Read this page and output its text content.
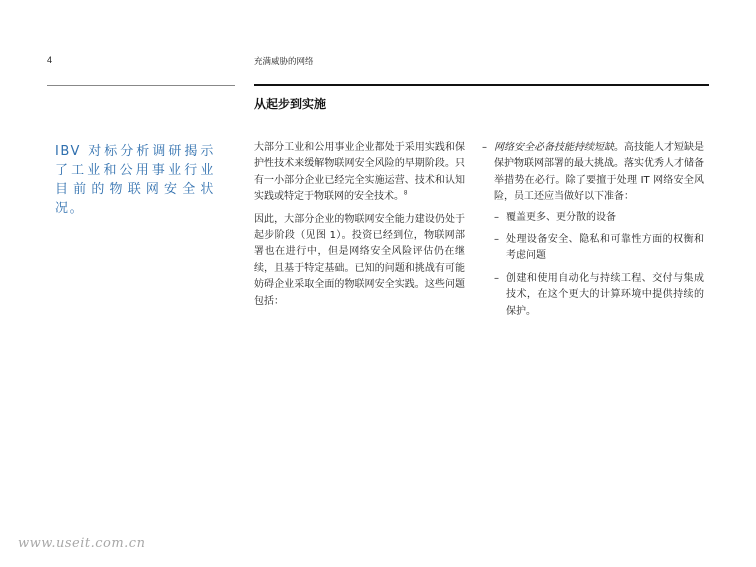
4	充满威胁的网络
从起步到实施
IBV 对标分析调研揭示了工业和公用事业行业目前的物联网安全状况。

大部分工业和公用事业企业都处于采用实践和保护性技术来缓解物联网安全风险的早期阶段。只有一小部分企业已经完全实施运营、技术和认知实践或特定于物联网的安全技术。$^8$

因此，大部分企业的物联网安全能力建设仍处于起步阶段（见图 1）。投资已经到位，物联网部署也在进行中，但是网络安全风险评估仍在继续，且基于特定基础。已知的问题和挑战有可能妨碍企业采取全面的物联网安全实践。这些问题包括：

– 网络安全必备技能持续短缺。高技能人才短缺是保护物联网部署的最大挑战。落实优秀人才储备举措势在必行。除了要擅于处理 IT 网络安全风险，员工还应当做好以下准备：
– 覆盖更多、更分散的设备
– 处理设备安全、隐私和可靠性方面的权衡和考虑问题
– 创建和使用自动化与持续工程、交付与集成技术，在这个更大的计算环境中提供持续的保护。
www.useit.com.cn
